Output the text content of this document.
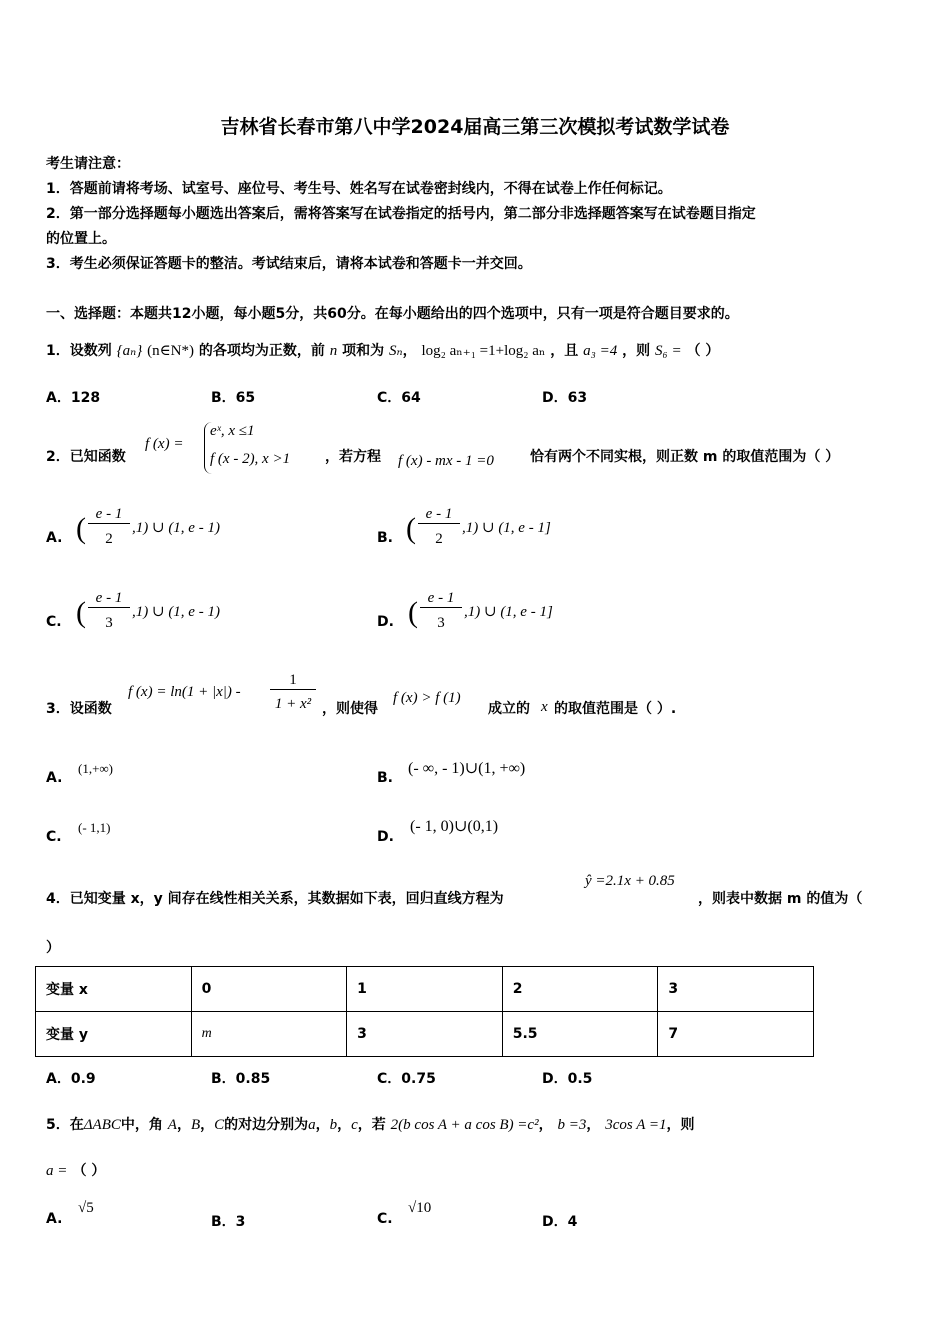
吉林省长春市第八中学2024届高三第三次模拟考试数学试卷
考生请注意：
1．答题前请将考场、试室号、座位号、考生号、姓名写在试卷密封线内，不得在试卷上作任何标记。
2．第一部分选择题每小题选出答案后，需将答案写在试卷指定的括号内，第二部分非选择题答案写在试卷题目指定
的位置上。
3．考生必须保证答题卡的整洁。考试结束后，请将本试卷和答题卡一并交回。
一、选择题：本题共12小题，每小题5分，共60分。在每小题给出的四个选项中，只有一项是符合题目要求的。
1．设数列 {aₙ} (n∈N*) 的各项均为正数，前 n 项和为 Sₙ， log₂ aₙ₊₁ =1+log₂ aₙ ，且 a₃ =4 ，则 S₆ = （ ）
A．128	B．65	C．64	D．63
2．已知函数
f (x) =
eˣ, x ≤1
f (x - 2), x >1 ，若方程 f (x) - mx - 1 =0	恰有两个不同实根，则正数 m 的取值范围为（ ）
A. ( e - 1
2
,1) ∪ (1, e - 1)
B. ( e - 1
2
,1) ∪ (1, e - 1]
C. ( e - 1
3
,1) ∪ (1, e - 1)
D. ( e - 1
3
,1) ∪ (1, e - 1]
3．设函数
f (x) = ln(1 + |x|) -
1
1 + x² ，则使得
f (x) > f (1)
成立的 x 的取值范围是（ ）.
A.
(1,+∞)
B.
(- ∞, - 1)∪(1, +∞)
C.
(- 1,1)
D.
(- 1, 0)∪(0,1)
4．已知变量 x，y 间存在线性相关关系，其数据如下表，回归直线方程为
ŷ =2.1x + 0.85
，则表中数据 m 的值为（
）
变量 x	0	1	2	3
变量 y	m	3	5.5	7
A．0.9	B．0.85	C．0.75	D．0.5
5．在ΔABC中，角 A，B，C的对边分别为a，b，c，若 2(b cos A + a cos B) =c²， b =3， 3cos A =1，则
a = （ ）
A.
√5
B．3	C.
√10
D．4
